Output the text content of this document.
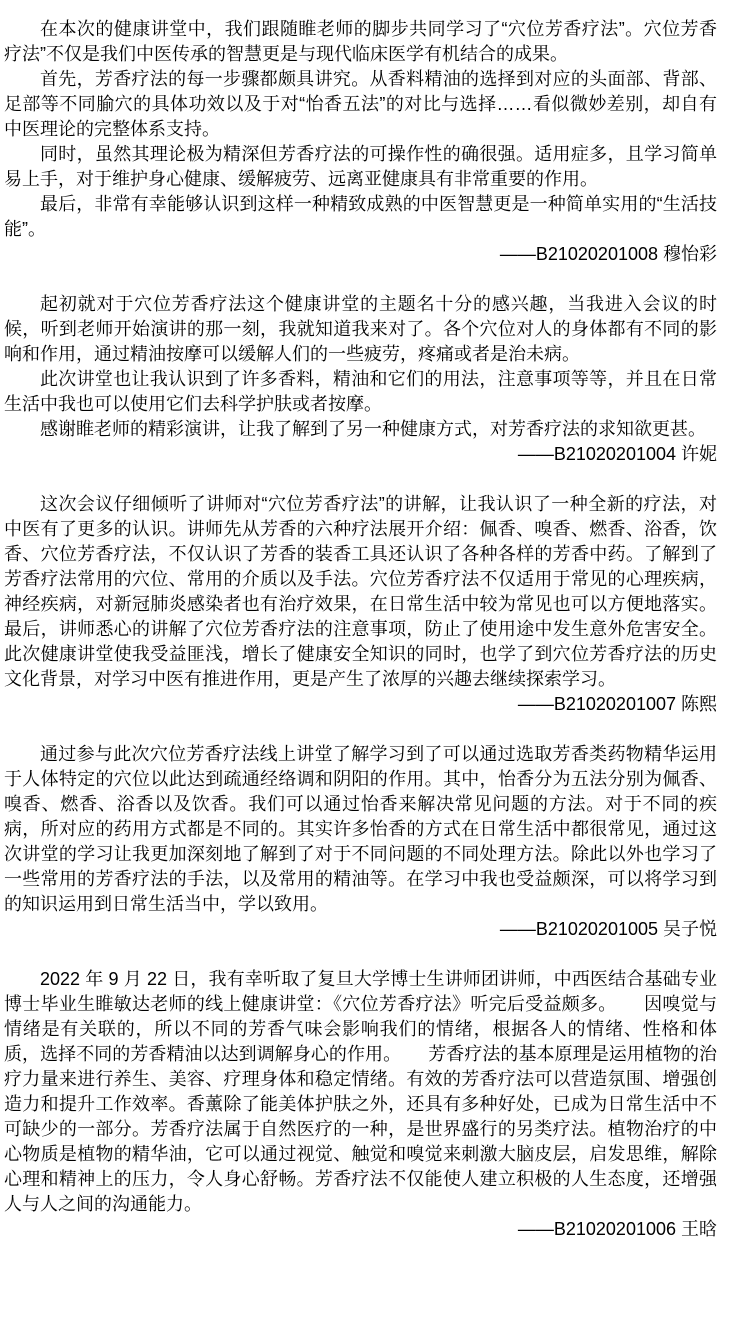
在本次的健康讲堂中，我们跟随睢老师的脚步共同学习了“穴位芳香疗法”。穴位芳香疗法”不仅是我们中医传承的智慧更是与现代临床医学有机结合的成果。

首先，芳香疗法的每一步骤都颇具讲究。从香料精油的选择到对应的头面部、背部、足部等不同腧穴的具体功效以及于对“怡香五法”的对比与选择……看似微妙差别，却自有中医理论的完整体系支持。

同时，虽然其理论极为精深但芳香疗法的可操作性的确很强。适用症多，且学习简单易上手，对于维护身心健康、缓解疲劳、远离亚健康具有非常重要的作用。

最后，非常有幸能够认识到这样一种精致成熟的中医智慧更是一种简单实用的“生活技能”。

——B21020201008 穆怡彩

起初就对于穴位芳香疗法这个健康讲堂的主题名十分的感兴趣，当我进入会议的时候，听到老师开始演讲的那一刻，我就知道我来对了。各个穴位对人的身体都有不同的影响和作用，通过精油按摩可以缓解人们的一些疲劳，疼痛或者是治未病。

此次讲堂也让我认识到了许多香料，精油和它们的用法，注意事项等等，并且在日常生活中我也可以使用它们去科学护肤或者按摩。

感谢睢老师的精彩演讲，让我了解到了另一种健康方式，对芳香疗法的求知欲更甚。

——B21020201004 许妮

这次会议仔细倾听了讲师对“穴位芳香疗法”的讲解，让我认识了一种全新的疗法，对中医有了更多的认识。讲师先从芳香的六种疗法展开介绍：佩香、嗅香、燃香、浴香，饮香、穴位芳香疗法，不仅认识了芳香的装香工具还认识了各种各样的芳香中药。了解到了芳香疗法常用的穴位、常用的介质以及手法。穴位芳香疗法不仅适用于常见的心理疾病，神经疾病，对新冠肺炎感染者也有治疗效果，在日常生活中较为常见也可以方便地落实。最后，讲师悉心的讲解了穴位芳香疗法的注意事项，防止了使用途中发生意外危害安全。此次健康讲堂使我受益匪浅，增长了健康安全知识的同时，也学了到穴位芳香疗法的历史文化背景，对学习中医有推进作用，更是产生了浓厚的兴趣去继续探索学习。

——B21020201007 陈熙

通过参与此次穴位芳香疗法线上讲堂了解学习到了可以通过选取芳香类药物精华运用于人体特定的穴位以此达到疏通经络调和阴阳的作用。其中，怡香分为五法分别为佩香、嗅香、燃香、浴香以及饮香。我们可以通过怡香来解决常见问题的方法。对于不同的疾病，所对应的药用方式都是不同的。其实许多怡香的方式在日常生活中都很常见，通过这次讲堂的学习让我更加深刻地了解到了对于不同问题的不同处理方法。除此以外也学习了一些常用的芳香疗法的手法，以及常用的精油等。在学习中我也受益颇深，可以将学习到的知识运用到日常生活当中，学以致用。

——B21020201005 吴子悦

2022 年 9 月 22 日，我有幸听取了复旦大学博士生讲师团讲师，中西医结合基础专业博士毕业生睢敏达老师的线上健康讲堂：《穴位芳香疗法》听完后受益颇多。　　因嗅觉与情绪是有关联的，所以不同的芳香气味会影响我们的情绪，根据各人的情绪、性格和体质，选择不同的芳香精油以达到调解身心的作用。　　芳香疗法的基本原理是运用植物的治疗力量来进行养生、美容、疗理身体和稳定情绪。有效的芳香疗法可以营造氛围、增强创造力和提升工作效率。香薰除了能美体护肤之外，还具有多种好处，已成为日常生活中不可缺少的一部分。芳香疗法属于自然医疗的一种，是世界盛行的另类疗法。植物治疗的中心物质是植物的精华油，它可以通过视觉、触觉和嗅觉来刺激大脑皮层，启发思维，解除心理和精神上的压力，令人身心舒畅。芳香疗法不仅能使人建立积极的人生态度，还增强人与人之间的沟通能力。

——B21020201006 王晗
